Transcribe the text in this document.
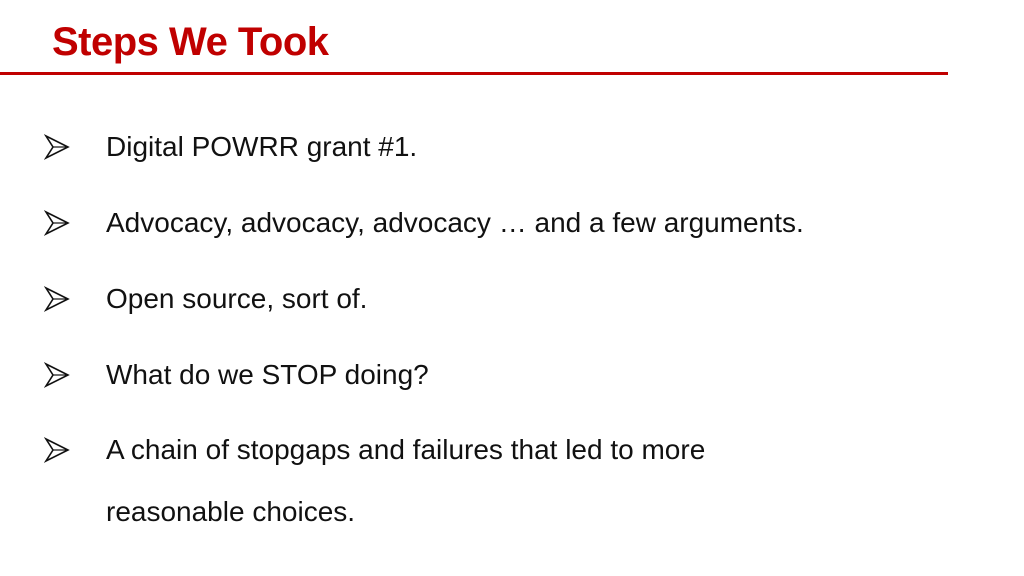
Steps We Took
Digital POWRR grant #1.
Advocacy, advocacy, advocacy … and a few arguments.
Open source, sort of.
What do we STOP doing?
A chain of stopgaps and failures that led to more reasonable choices.
